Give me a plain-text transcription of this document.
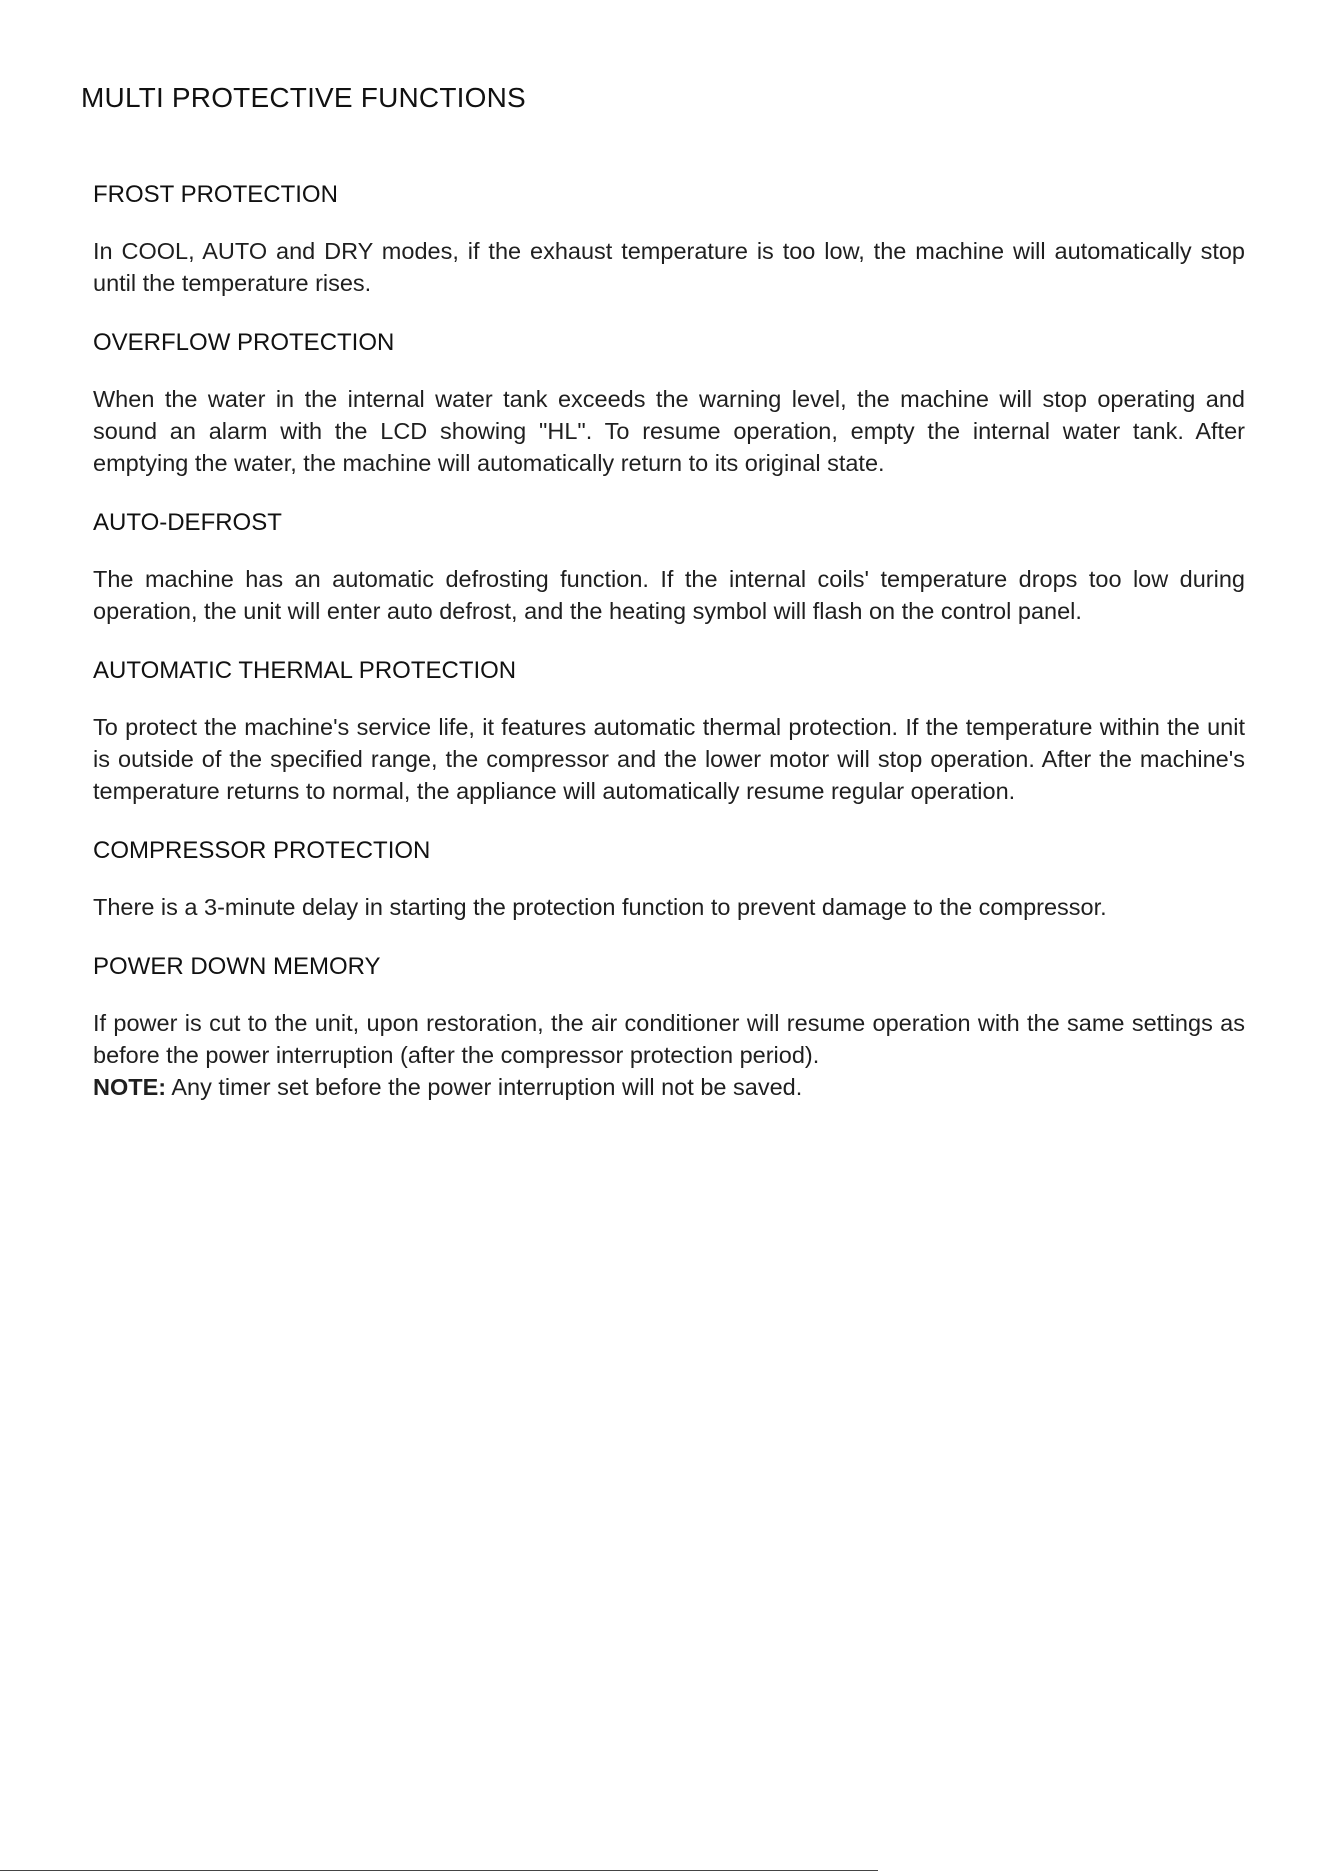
MULTI PROTECTIVE FUNCTIONS
FROST PROTECTION

In COOL, AUTO and DRY modes, if the exhaust temperature is too low, the machine will automatically stop until the temperature rises.

OVERFLOW PROTECTION

When the water in the internal water tank exceeds the warning level, the machine will stop operating and sound an alarm with the LCD showing "HL". To resume operation, empty the internal water tank. After emptying the water, the machine will automatically return to its original state.

AUTO-DEFROST

The machine has an automatic defrosting function. If the internal coils' temperature drops too low during operation, the unit will enter auto defrost, and the heating symbol will flash on the control panel.

AUTOMATIC THERMAL PROTECTION

To protect the machine's service life, it features automatic thermal protection. If the temperature within the unit is outside of the specified range, the compressor and the lower motor will stop operation. After the machine's temperature returns to normal, the appliance will automatically resume regular operation.

COMPRESSOR PROTECTION

There is a 3-minute delay in starting the protection function to prevent damage to the compressor.

POWER DOWN MEMORY

If power is cut to the unit, upon restoration, the air conditioner will resume operation with the same settings as before the power interruption (after the compressor protection period).

NOTE: Any timer set before the power interruption will not be saved.
